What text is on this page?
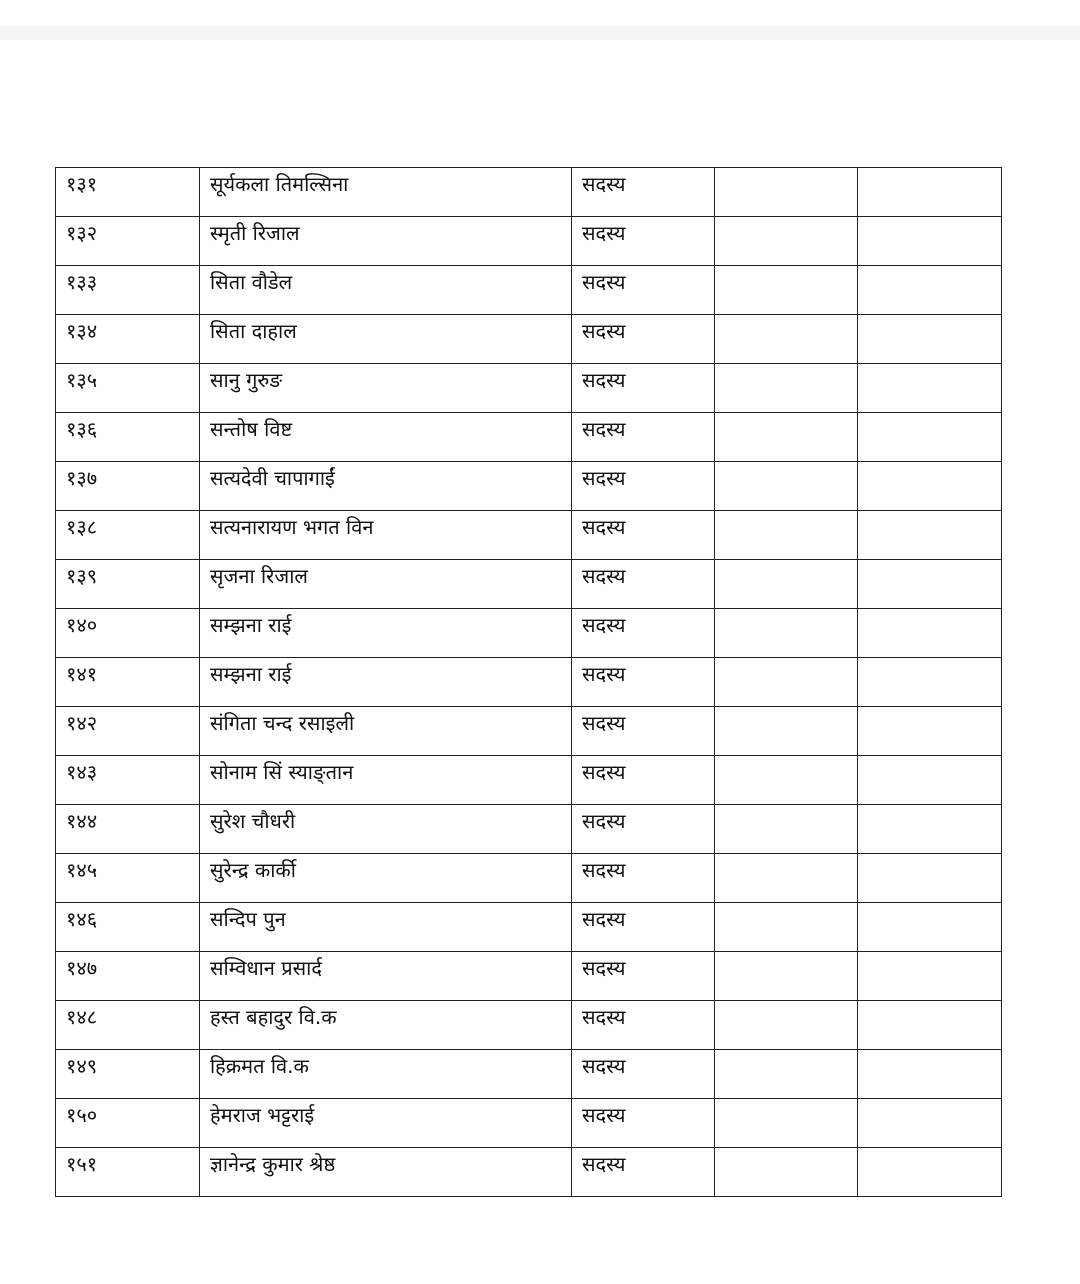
१३१	सूर्यकला तिमल्सिना	सदस्य		
१३२	स्मृती रिजाल	सदस्य		
१३३	सिता वौडेल	सदस्य		
१३४	सिता दाहाल	सदस्य		
१३५	सानु गुरुङ	सदस्य		
१३६	सन्तोष विष्ट	सदस्य		
१३७	सत्यदेवी चापागाईं	सदस्य		
१३८	सत्यनारायण भगत विन	सदस्य		
१३९	सृजना रिजाल	सदस्य		
१४०	सम्झना राई	सदस्य		
१४१	सम्झना राई	सदस्य		
१४२	संगिता चन्द रसाइली	सदस्य		
१४३	सोनाम सिं स्याङ्तान	सदस्य		
१४४	सुरेश चौधरी	सदस्य		
१४५	सुरेन्द्र कार्की	सदस्य		
१४६	सन्दिप पुन	सदस्य		
१४७	सम्विधान प्रसार्द	सदस्य		
१४८	हस्त बहादुर वि.क	सदस्य		
१४९	हिक्रमत वि.क	सदस्य		
१५०	हेमराज भट्टराई	सदस्य		
१५१	ज्ञानेन्द्र कुमार श्रेष्ठ	सदस्य		
